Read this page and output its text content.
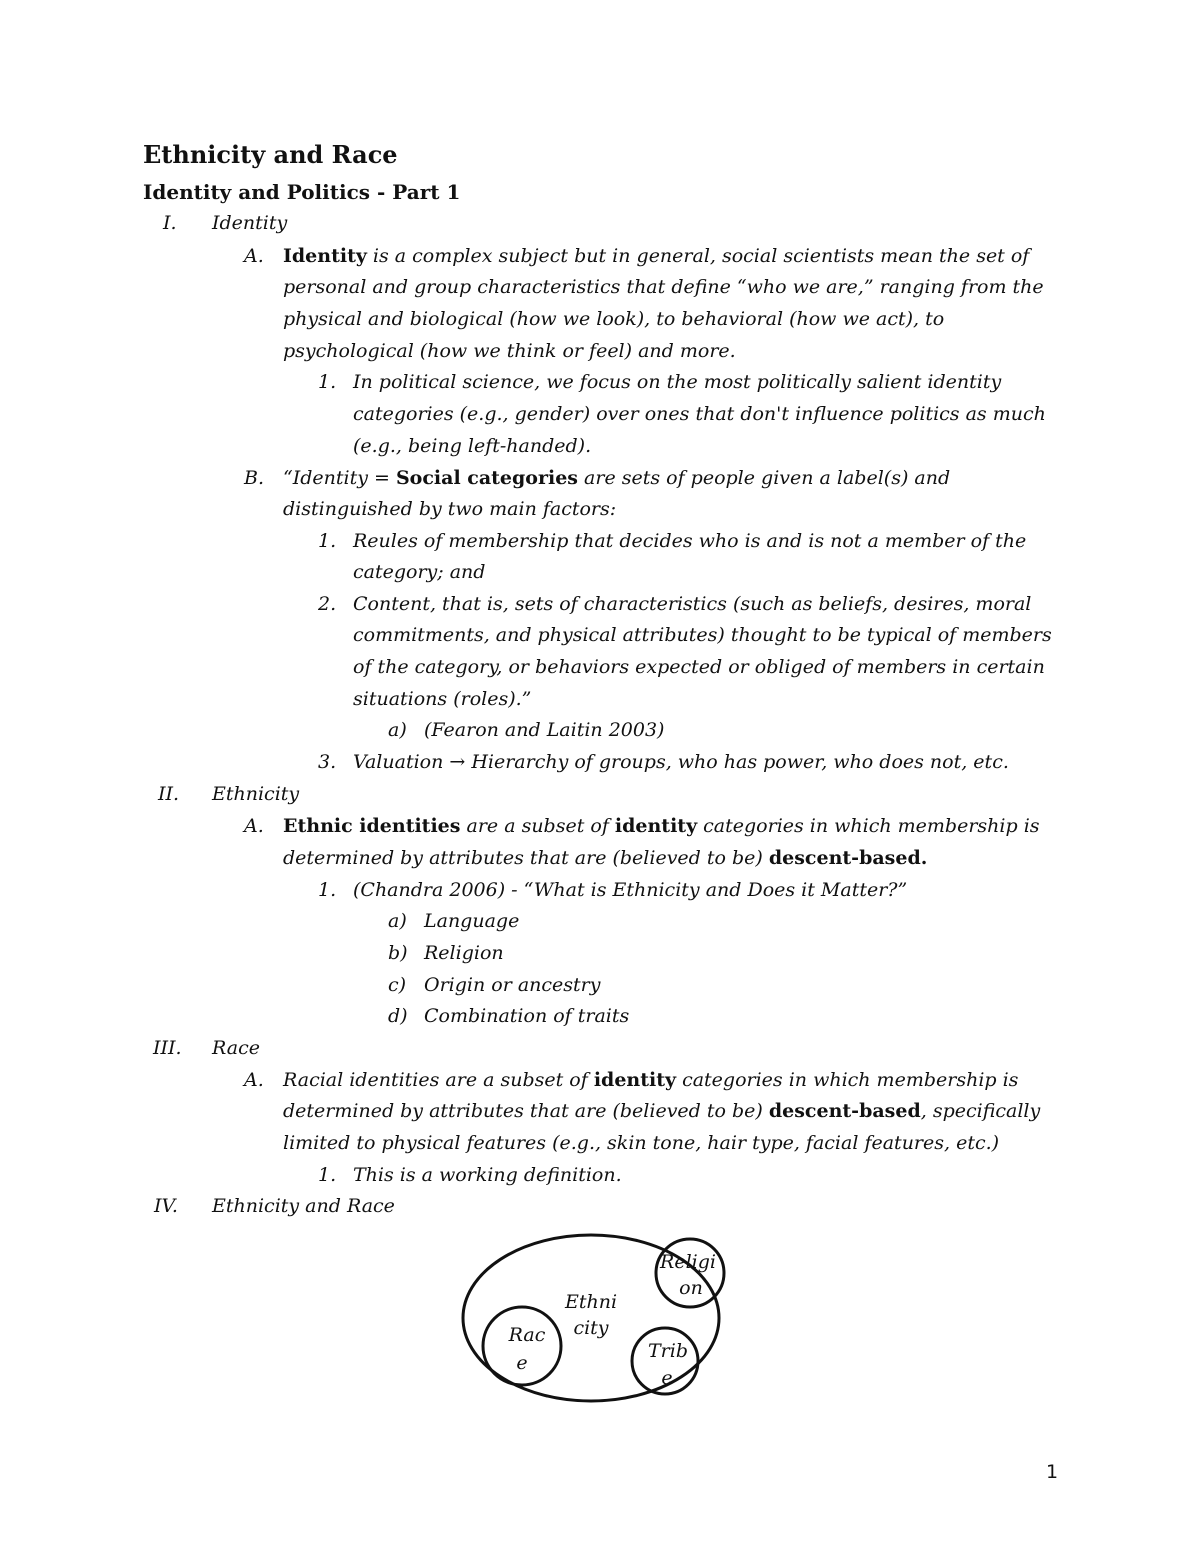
Ethnicity and Race
Identity and Politics - Part 1
I. Identity
A. Identity is a complex subject but in general, social scientists mean the set of
personal and group characteristics that define “who we are,” ranging from the
physical and biological (how we look), to behavioral (how we act), to
psychological (how we think or feel) and more.
1. In political science, we focus on the most politically salient identity
categories (e.g., gender) over ones that don't influence politics as much
(e.g., being left-handed).
B. “Identity = Social categories are sets of people given a label(s) and
distinguished by two main factors:
1. Reules of membership that decides who is and is not a member of the
category; and
2. Content, that is, sets of characteristics (such as beliefs, desires, moral
commitments, and physical attributes) thought to be typical of members
of the category, or behaviors expected or obliged of members in certain
situations (roles).”
a) (Fearon and Laitin 2003)
3. Valuation → Hierarchy of groups, who has power, who does not, etc.
II. Ethnicity
A. Ethnic identities are a subset of identity categories in which membership is
determined by attributes that are (believed to be) descent-based.
1. (Chandra 2006) - “What is Ethnicity and Does it Matter?”
a) Language
b) Religion
c) Origin or ancestry
d) Combination of traits
III. Race
A. Racial identities are a subset of identity categories in which membership is
determined by attributes that are (believed to be) descent-based, specifically
limited to physical features (e.g., skin tone, hair type, facial features, etc.)
1. This is a working definition.
IV. Ethnicity and Race
Ethni
city
Rac
e
Religi
on
Trib
e
1
